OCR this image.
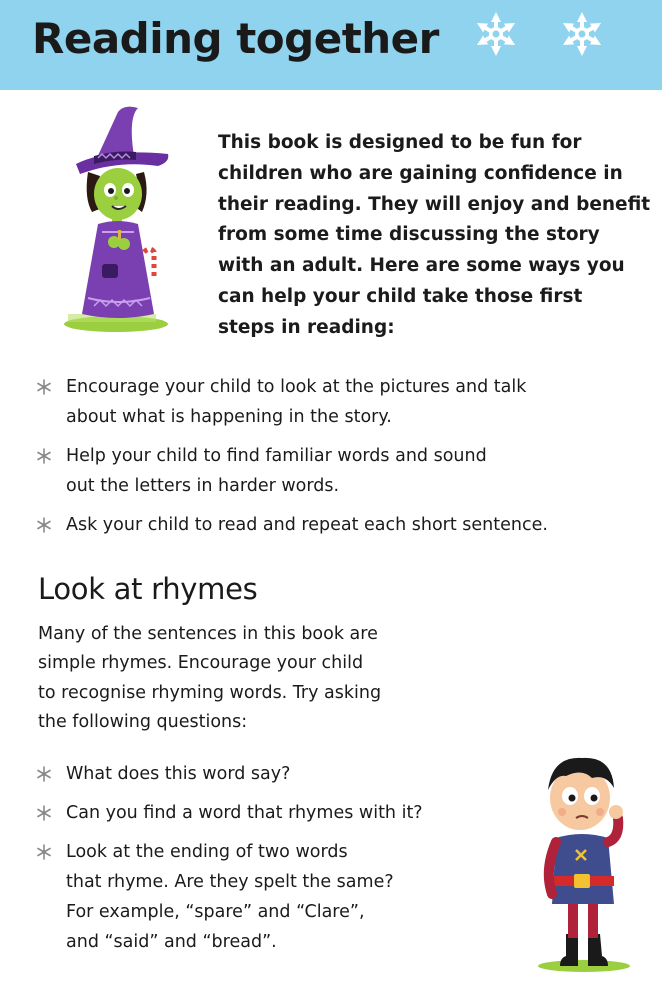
Reading together
This book is designed to be fun for
children who are gaining confidence in
their reading. They will enjoy and benefit
from some time discussing the story
with an adult. Here are some ways you
can help your child take those first
steps in reading:
Encourage your child to look at the pictures and talk
about what is happening in the story.
Help your child to find familiar words and sound
out the letters in harder words.
Ask your child to read and repeat each short sentence.
Look at rhymes
Many of the sentences in this book are
simple rhymes. Encourage your child
to recognise rhyming words. Try asking
the following questions:
What does this word say?
Can you find a word that rhymes with it?
Look at the ending of two words
that rhyme. Are they spelt the same?
For example, “spare” and “Clare”,
and “said” and “bread”.
